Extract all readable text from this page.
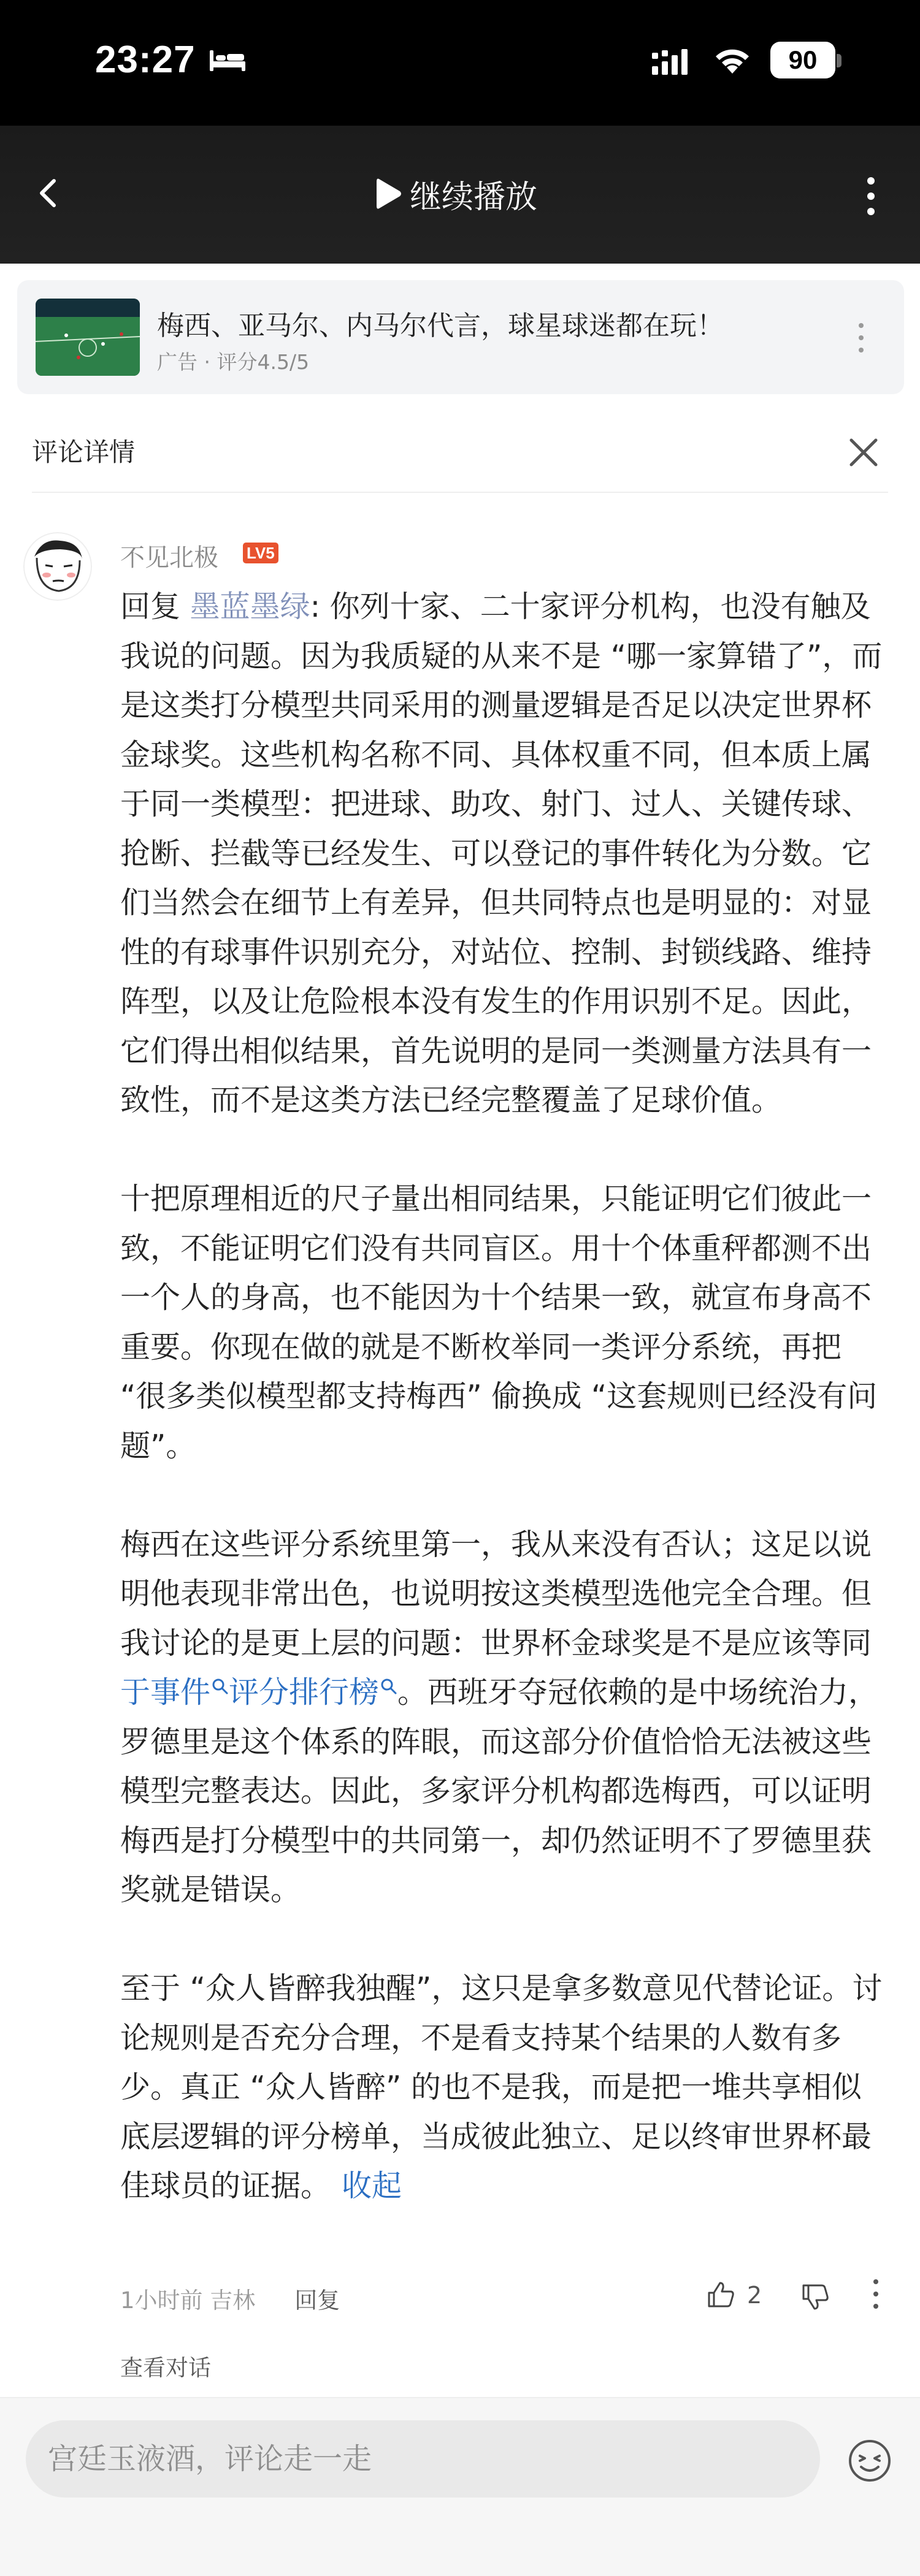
23:27	90
继续播放
梅西、亚马尔、内马尔代言，球星球迷都在玩！
广告 · 评分4.5/5
评论详情
不见北极 LV5

回复 墨蓝墨绿: 你列十家、二十家评分机构，也没有触及我说的问题。因为我质疑的从来不是 “哪一家算错了”，而是这类打分模型共同采用的测量逻辑是否足以决定世界杯金球奖。这些机构名称不同、具体权重不同，但本质上属于同一类模型：把进球、助攻、射门、过人、关键传球、抢断、拦截等已经发生、可以登记的事件转化为分数。它们当然会在细节上有差异，但共同特点也是明显的：对显性的有球事件识别充分，对站位、控制、封锁线路、维持阵型，以及让危险根本没有发生的作用识别不足。因此，它们得出相似结果，首先说明的是同一类测量方法具有一致性，而不是这类方法已经完整覆盖了足球价值。

十把原理相近的尺子量出相同结果，只能证明它们彼此一致，不能证明它们没有共同盲区。用十个体重秤都测不出一个人的身高，也不能因为十个结果一致，就宣布身高不重要。你现在做的就是不断枚举同一类评分系统，再把 “很多类似模型都支持梅西” 偷换成 “这套规则已经没有问题”。

梅西在这些评分系统里第一，我从来没有否认；这足以说明他表现非常出色，也说明按这类模型选他完全合理。但我讨论的是更上层的问题：世界杯金球奖是不是应该等同于事件 评分排行榜 。西班牙夺冠依赖的是中场统治力，罗德里是这个体系的阵眼，而这部分价值恰恰无法被这些模型完整表达。因此，多家评分机构都选梅西，可以证明梅西是打分模型中的共同第一，却仍然证明不了罗德里获奖就是错误。

至于 “众人皆醉我独醒”，这只是拿多数意见代替论证。讨论规则是否充分合理，不是看支持某个结果的人数有多少。真正 “众人皆醉” 的也不是我，而是把一堆共享相似底层逻辑的评分榜单，当成彼此独立、足以终审世界杯最佳球员的证据。 收起

1小时前 吉林 回复	2
查看对话
宫廷玉液酒，评论走一走
